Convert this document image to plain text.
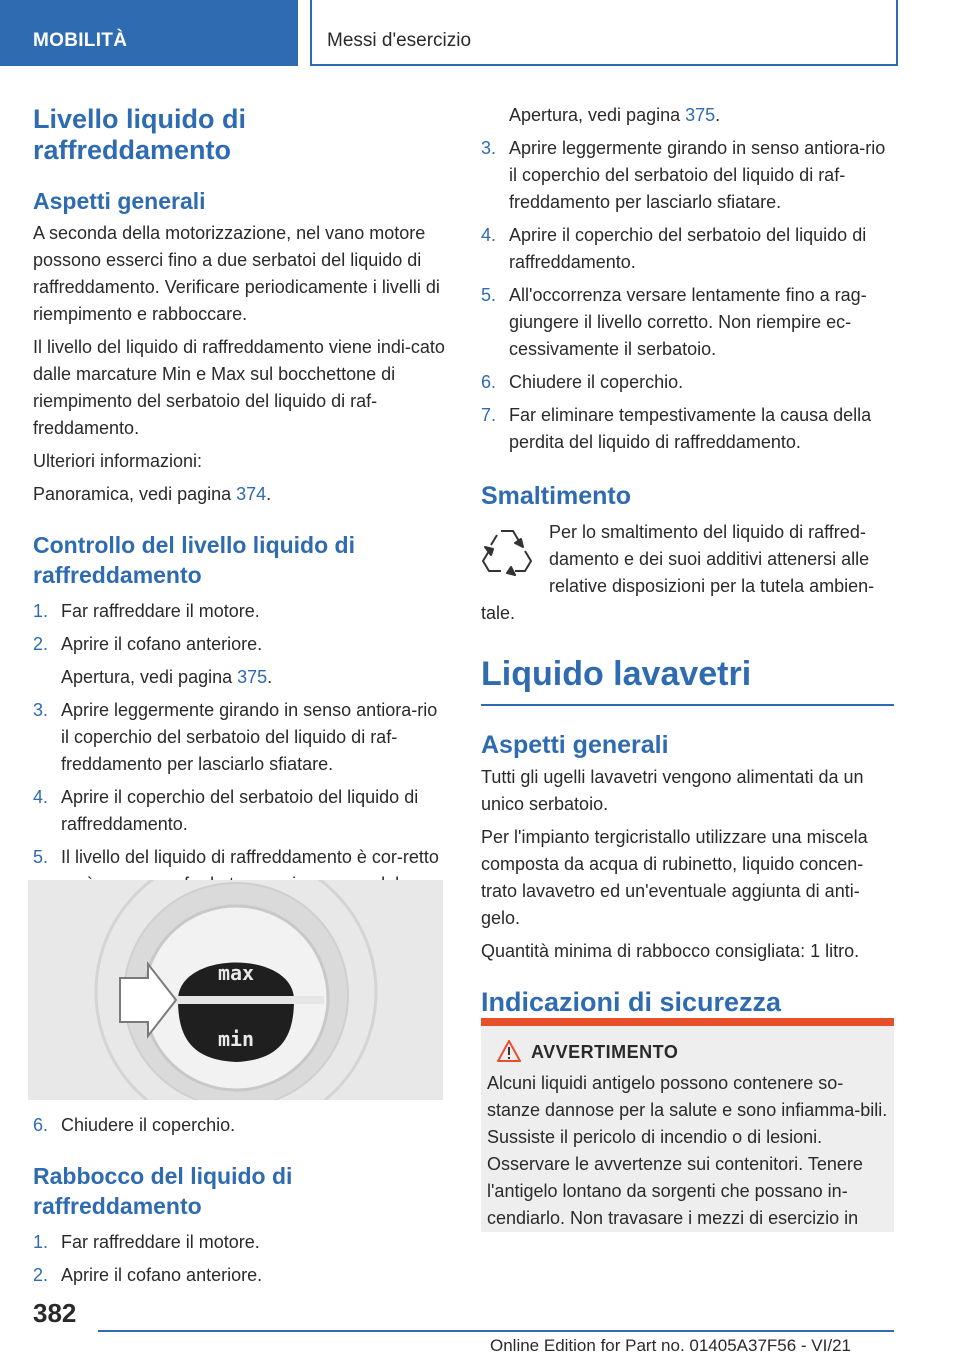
MOBILITÀ	Messi d'esercizio
Livello liquido di raffreddamento
Aspetti generali

A seconda della motorizzazione, nel vano motore possono esserci fino a due serbatoi del liquido di raffreddamento. Verificare periodicamente i livelli di riempimento e rabboccare.

Il livello del liquido di raffreddamento viene indi-cato dalle marcature Min e Max sul bocchettone di riempimento del serbatoio del liquido di raf-freddamento.

Ulteriori informazioni:

Panoramica, vedi pagina 374.

Controllo del livello liquido di raffreddamento
1. Far raffreddare il motore.
2. Aprire il cofano anteriore.

Apertura, vedi pagina 375.

3. Aprire leggermente girando in senso antiora-rio il coperchio del serbatoio del liquido di raf-freddamento per lasciarlo sfiatare.
4. Aprire il coperchio del serbatoio del liquido di raffreddamento.
5. Il livello del liquido di raffreddamento è cor-retto
max
min
6. Chiudere il coperchio.
Rabbocco del liquido di raffreddamento
1. Far raffreddare il motore.
2. Aprire il cofano anteriore.

Apertura, vedi pagina 375.

3. Aprire leggermente girando in senso antiora-rio il coperchio del serbatoio del liquido di raf-freddamento per lasciarlo sfiatare.
4. Aprire il coperchio del serbatoio del liquido di raffreddamento.
5. All'occorrenza versare lentamente fino a rag-giungere il livello corretto. Non riempire ec-cessivamente il serbatoio.
6. Chiudere il coperchio.
7. Far eliminare tempestivamente la causa della perdita del liquido di raffreddamento.
Smaltimento

Per lo smaltimento del liquido di raffred-

damento e dei suoi additivi attenersi alle

relative disposizioni per la tutela ambien-

tale.

Liquido lavavetri
Aspetti generali

Tutti gli ugelli lavavetri vengono alimentati da un unico serbatoio.

Per l'impianto tergicristallo utilizzare una miscela composta da acqua di rubinetto, liquido concen-trato lavavetro ed un'eventuale aggiunta di anti-gelo.

Quantità minima di rabbocco consigliata: 1 litro.

Indicazioni di sicurezza
AVVERTIMENTO

Alcuni liquidi antigelo possono contenere so-stanze dannose per la salute e sono infiamma-bili. Sussiste il pericolo di incendio o di lesioni. Osservare le avvertenze sui contenitori. Tenere l'antigelo lontano da sorgenti che possano in-cendiarlo. Non travasare i mezzi di esercizio in

382
Online Edition for Part no. 01405A37F56 - VI/21
